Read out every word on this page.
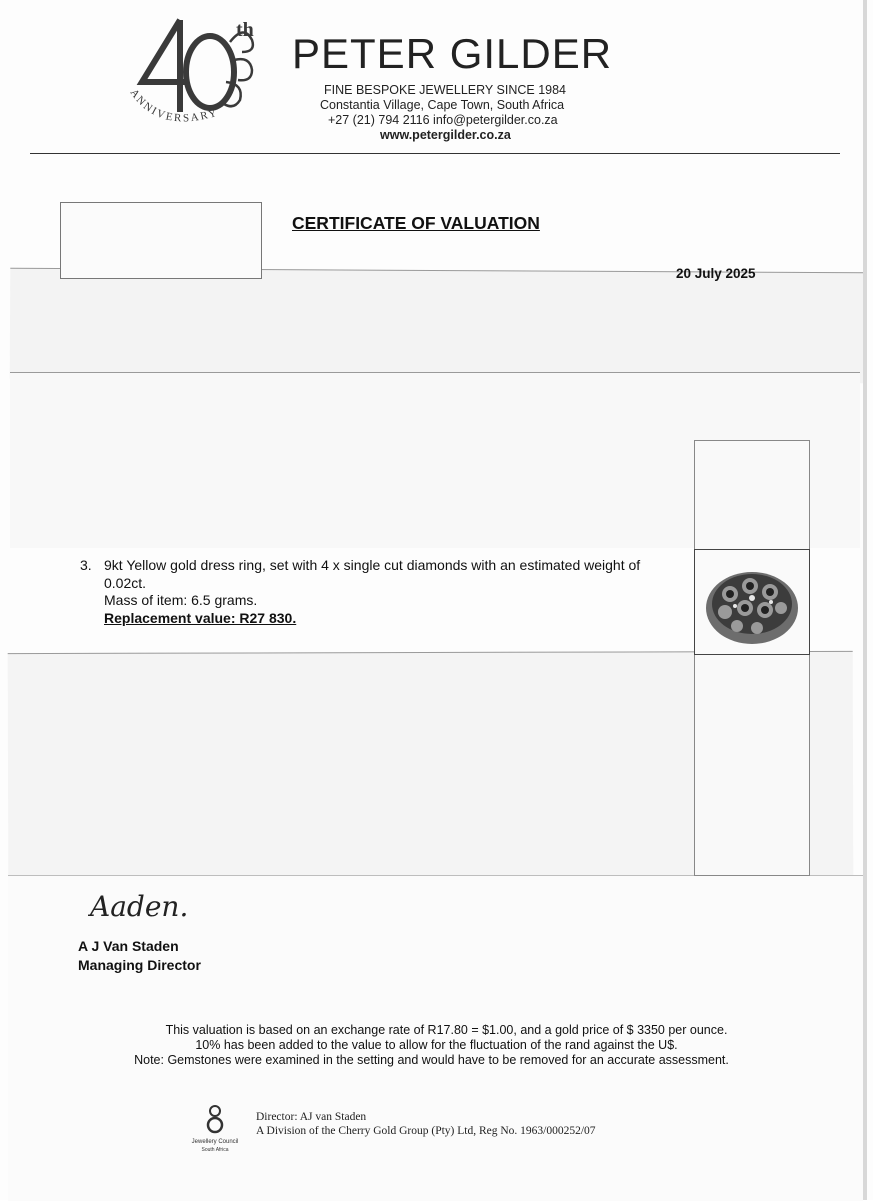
ANNIVERSARY
th PETER GILDER
FINE BESPOKE JEWELLERY SINCE 1984
Constantia Village, Cape Town, South Africa
+27 (21) 794 2116 info@petergilder.co.za
www.petergilder.co.za
CERTIFICATE OF VALUATION
20 July 2025
3. 9kt Yellow gold dress ring, set with 4 x single cut diamonds with an estimated weight of 0.02ct.
Mass of item: 6.5 grams.
Replacement value: R27 830.
Aaden.
A J Van Staden
Managing Director
This valuation is based on an exchange rate of R17.80 = $1.00, and a gold price of $ 3350 per ounce.
10% has been added to the value to allow for the fluctuation of the rand against the U$.
Note: Gemstones were examined in the setting and would have to be removed for an accurate assessment.
Jewellery Council
South Africa
Director: AJ van Staden
A Division of the Cherry Gold Group (Pty) Ltd, Reg No. 1963/000252/07
